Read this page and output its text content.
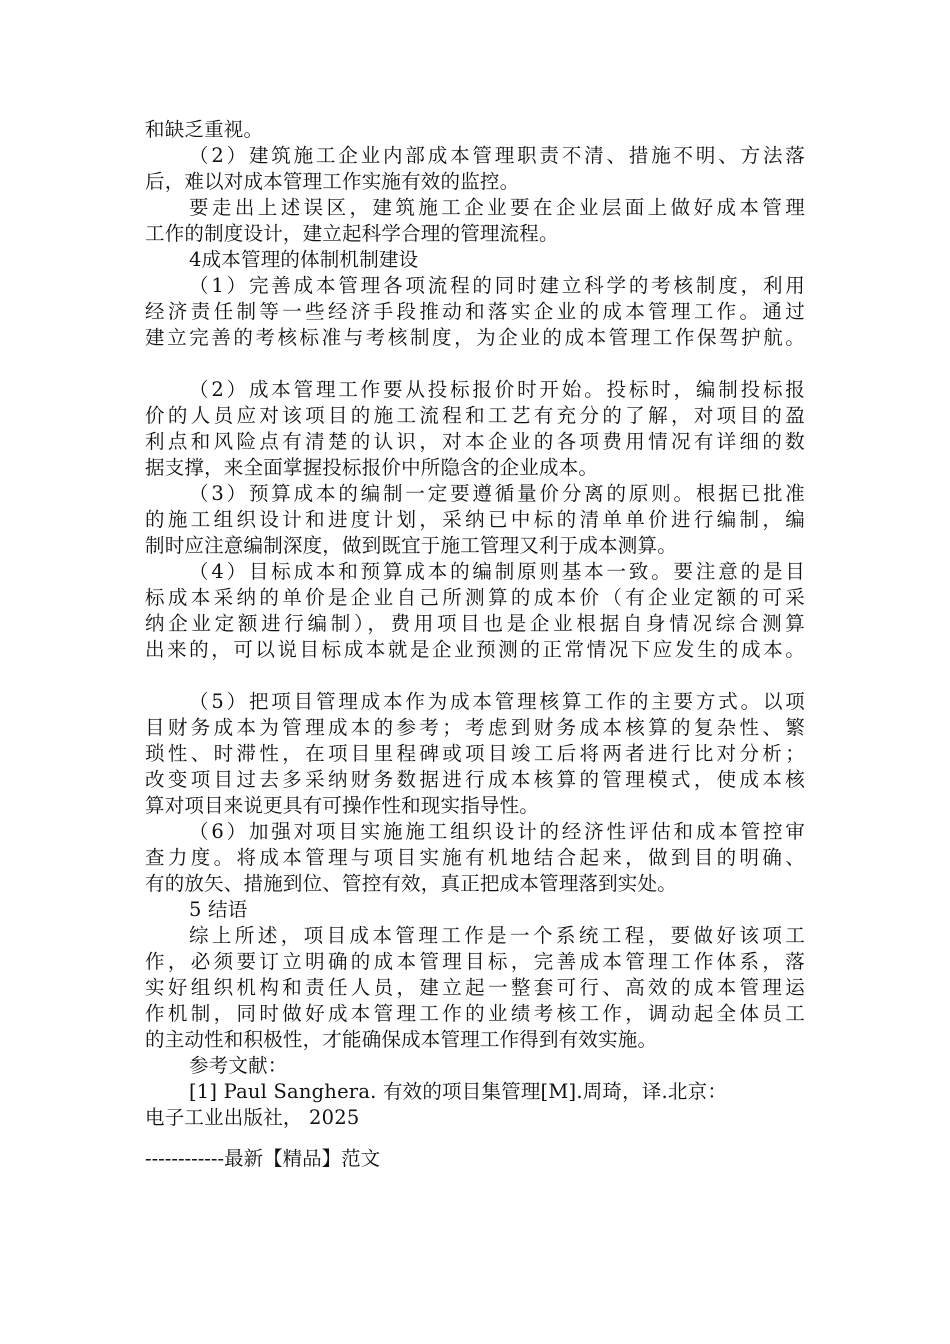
和缺乏重视。
（2）建筑施工企业内部成本管理职责不清、措施不明、方法落
后，难以对成本管理工作实施有效的监控。
要走出上述误区，建筑施工企业要在企业层面上做好成本管理
工作的制度设计，建立起科学合理的管理流程。
4成本管理的体制机制建设
（1）完善成本管理各项流程的同时建立科学的考核制度，利用
经济责任制等一些经济手段推动和落实企业的成本管理工作。通过
建立完善的考核标准与考核制度，为企业的成本管理工作保驾护航。
（2）成本管理工作要从投标报价时开始。投标时，编制投标报
价的人员应对该项目的施工流程和工艺有充分的了解，对项目的盈
利点和风险点有清楚的认识，对本企业的各项费用情况有详细的数
据支撑，来全面掌握投标报价中所隐含的企业成本。
（3）预算成本的编制一定要遵循量价分离的原则。根据已批准
的施工组织设计和进度计划，采纳已中标的清单单价进行编制，编
制时应注意编制深度，做到既宜于施工管理又利于成本测算。
（4）目标成本和预算成本的编制原则基本一致。要注意的是目
标成本采纳的单价是企业自己所测算的成本价（有企业定额的可采
纳企业定额进行编制），费用项目也是企业根据自身情况综合测算
出来的，可以说目标成本就是企业预测的正常情况下应发生的成本。
（5）把项目管理成本作为成本管理核算工作的主要方式。以项
目财务成本为管理成本的参考；考虑到财务成本核算的复杂性、繁
琐性、时滞性，在项目里程碑或项目竣工后将两者进行比对分析；
改变项目过去多采纳财务数据进行成本核算的管理模式，使成本核
算对项目来说更具有可操作性和现实指导性。
（6）加强对项目实施施工组织设计的经济性评估和成本管控审
查力度。将成本管理与项目实施有机地结合起来，做到目的明确、
有的放矢、措施到位、管控有效，真正把成本管理落到实处。
5 结语
综上所述，项目成本管理工作是一个系统工程，要做好该项工
作，必须要订立明确的成本管理目标，完善成本管理工作体系，落
实好组织机构和责任人员，建立起一整套可行、高效的成本管理运
作机制，同时做好成本管理工作的业绩考核工作，调动起全体员工
的主动性和积极性，才能确保成本管理工作得到有效实施。
参考文献：
[1] Paul Sanghera. 有效的项目集管理[M].周琦，译.北京：
电子工业出版社， 2025
------------最新【精品】范文
